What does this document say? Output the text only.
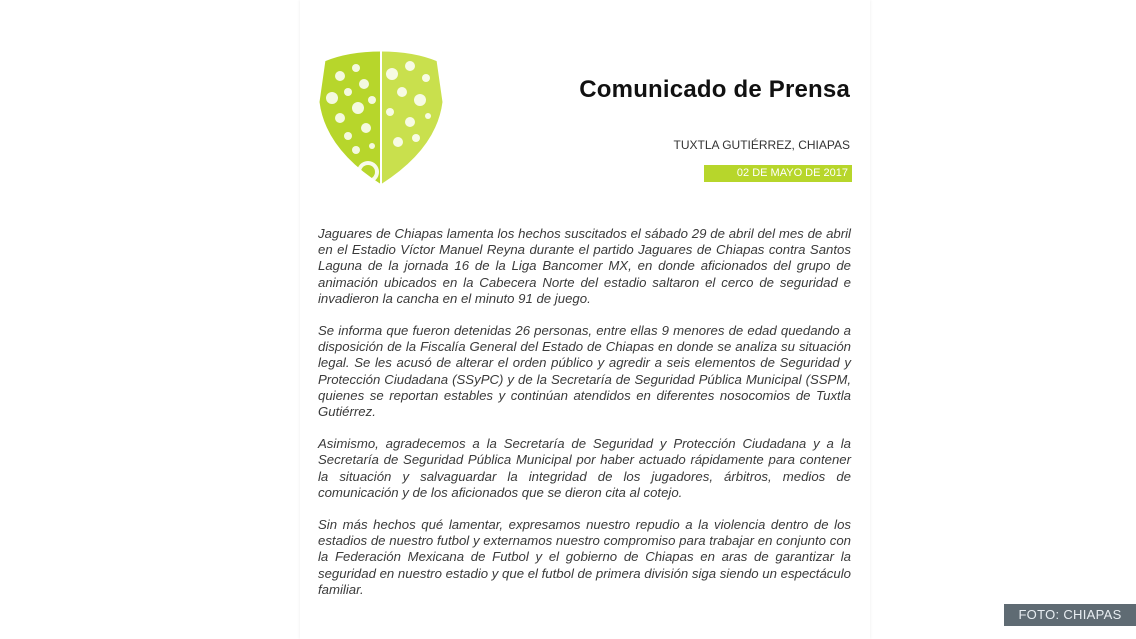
Comunicado de Prensa
TUXTLA GUTIÉRREZ, CHIAPAS
02 DE MAYO DE 2017

Jaguares de Chiapas lamenta los hechos suscitados el sábado 29 de abril del mes de abril en el Estadio Víctor Manuel Reyna durante el partido Jaguares de Chiapas contra Santos Laguna de la jornada 16 de la Liga Bancomer MX, en donde aficionados del grupo de animación ubicados en la Cabecera Norte del estadio saltaron el cerco de seguridad e invadieron la cancha en el minuto 91 de juego.

Se informa que fueron detenidas 26 personas, entre ellas 9 menores de edad quedando a disposición de la Fiscalía General del Estado de Chiapas en donde se analiza su situación legal. Se les acusó de alterar el orden público y agredir a seis elementos de Seguridad y Protección Ciudadana (SSyPC) y de la Secretaría de Seguridad Pública Municipal (SSPM, quienes se reportan estables y continúan atendidos en diferentes nosocomios de Tuxtla Gutiérrez.

Asimismo, agradecemos a la Secretaría de Seguridad y Protección Ciudadana y a la Secretaría de Seguridad Pública Municipal por haber actuado rápidamente para contener la situación y salvaguardar la integridad de los jugadores, árbitros, medios de comunicación y de los aficionados que se dieron cita al cotejo.

Sin más hechos qué lamentar, expresamos nuestro repudio a la violencia dentro de los estadios de nuestro futbol y externamos nuestro compromiso para trabajar en conjunto con la Federación Mexicana de Futbol y el gobierno de Chiapas en aras de garantizar la seguridad en nuestro estadio y que el futbol de primera división siga siendo un espectáculo familiar.

FOTO: CHIAPAS
